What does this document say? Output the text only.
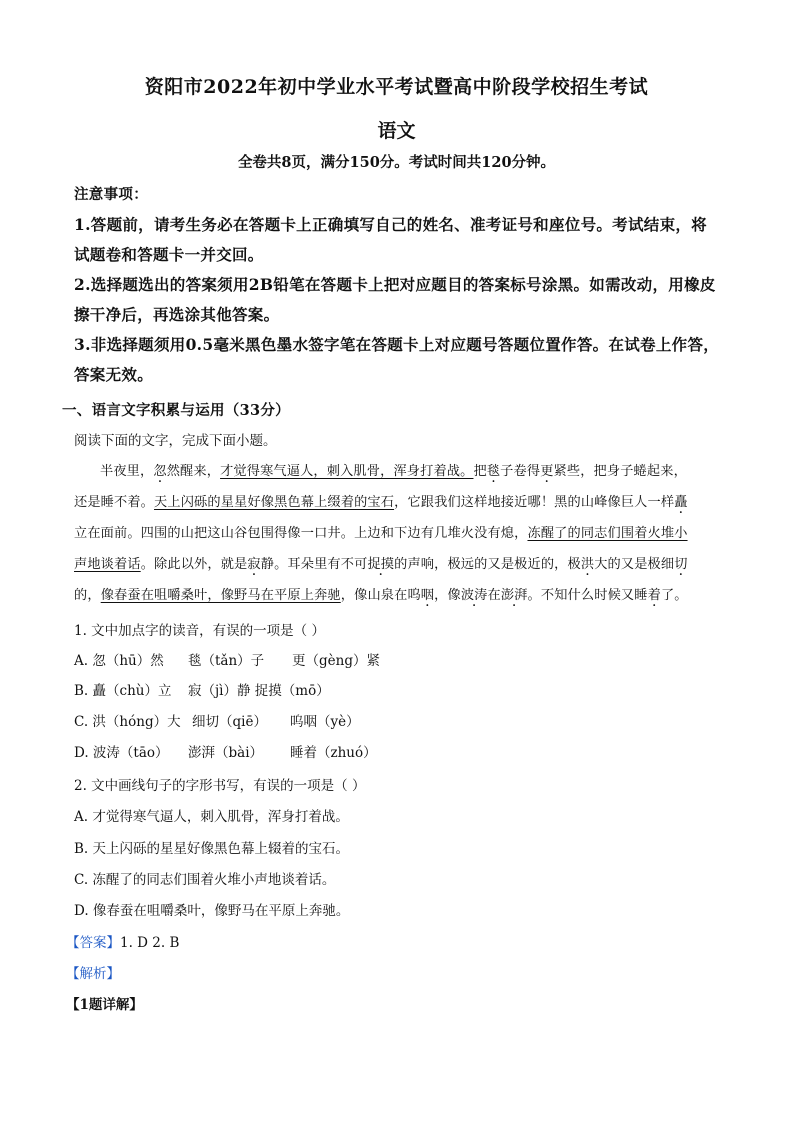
资阳市2022年初中学业水平考试暨高中阶段学校招生考试
语文
全卷共8页，满分150分。考试时间共120分钟。
注意事项：
1.答题前，请考生务必在答题卡上正确填写自己的姓名、准考证号和座位号。考试结束，将
试题卷和答题卡一并交回。
2.选择题选出的答案须用2B铅笔在答题卡上把对应题目的答案标号涂黑。如需改动，用橡皮
擦干净后，再选涂其他答案。
3.非选择题须用0.5毫米黑色墨水签字笔在答题卡上对应题号答题位置作答。在试卷上作答，
答案无效。
一、语言文字积累与运用（33分）
阅读下面的文字，完成下面小题。
半夜里，忽然醒来，才觉得寒气逼人，刺入肌骨，浑身打着战。把毯子卷得更紧些，把身子蜷起来，
还是睡不着。天上闪砾的星星好像黑色幕上缀着的宝石，它跟我们这样地接近哪！黑的山峰像巨人一样矗
立在面前。四围的山把这山谷包围得像一口井。上边和下边有几堆火没有熄，冻醒了的同志们围着火堆小
声地谈着话。除此以外，就是寂静。耳朵里有不可捉摸的声响，极远的又是极近的，极洪大的又是极细切
的，像春蚕在咀嚼桑叶，像野马在平原上奔驰，像山泉在呜咽，像波涛在澎湃。不知什么时候又睡着了。
1. 文中加点字的读音，有误的一项是（ ）
A. 忽（hū）然 毯（tǎn）子 更（gèng）紧
B. 矗（chù）立 寂（jì）静 捉摸（mō）
C. 洪（hóng）大 细切（qiē） 呜咽（yè）
D. 波涛（tāo） 澎湃（bài） 睡着（zhuó）
2. 文中画线句子的字形书写，有误的一项是（ ）
A. 才觉得寒气逼人，刺入肌骨，浑身打着战。
B. 天上闪砾的星星好像黑色幕上辍着的宝石。
C. 冻醒了的同志们围着火堆小声地谈着话。
D. 像春蚕在咀嚼桑叶，像野马在平原上奔驰。
【答案】1. D 2. B
【解析】
【1题详解】
